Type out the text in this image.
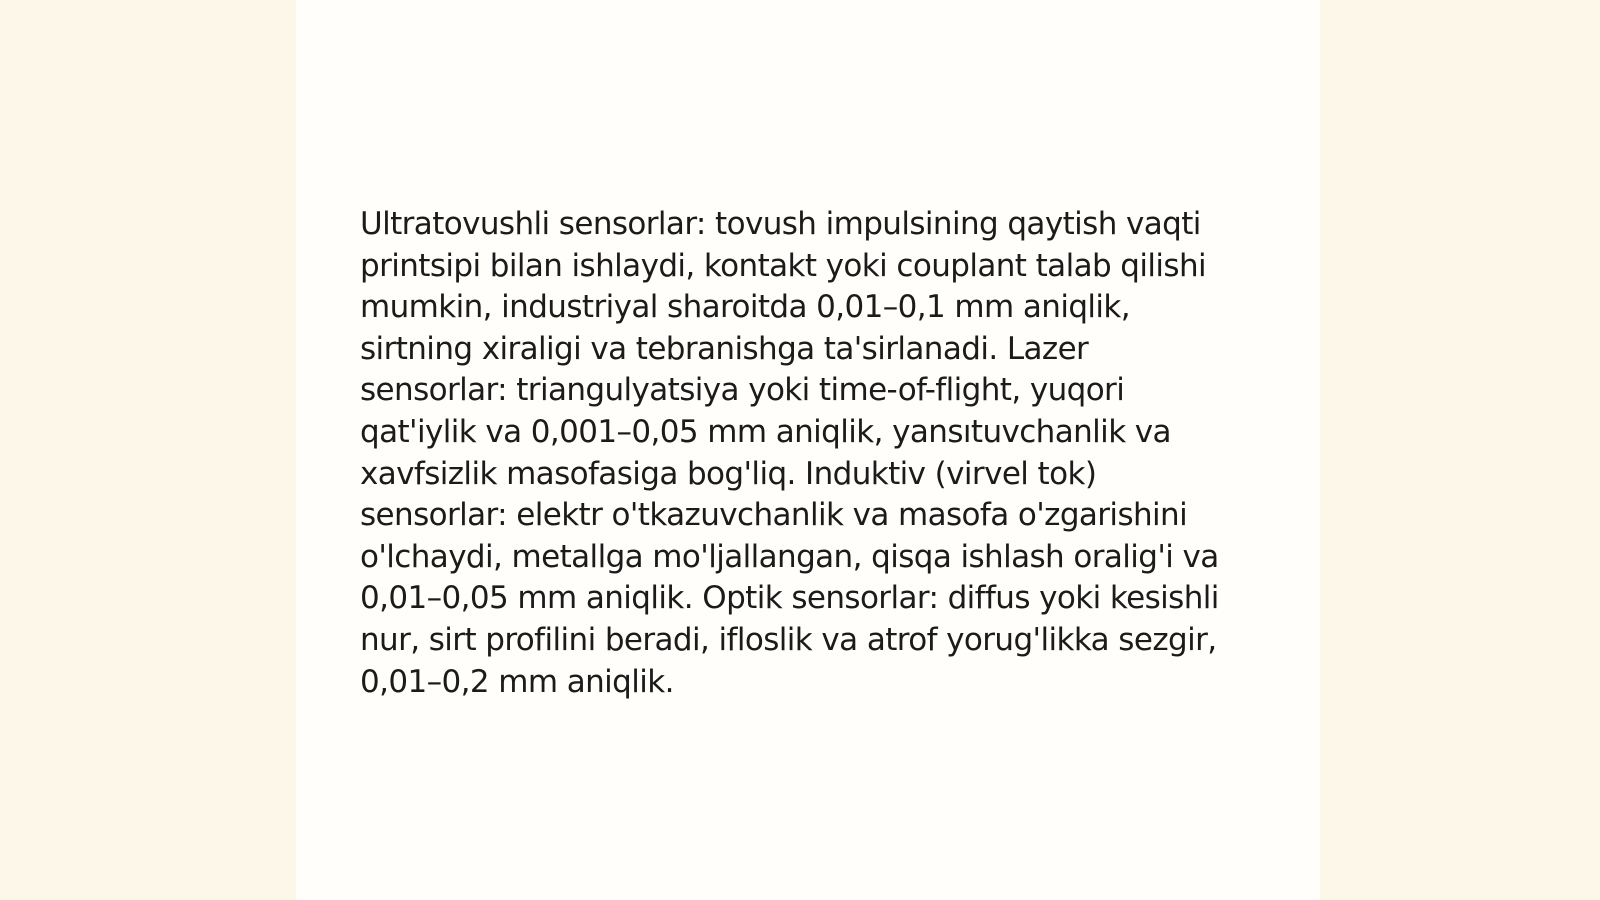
Ultratovushli sensorlar: tovush impulsining qaytish vaqti printsipi bilan ishlaydi, kontakt yoki couplant talab qilishi mumkin, industriyal sharoitda 0,01–0,1 mm aniqlik, sirtning xiraligi va tebranishga ta'sirlanadi. Lazer sensorlar: triangulyatsiya yoki time-of-flight, yuqori qat'iylik va 0,001–0,05 mm aniqlik, yansıtuvchanlik va xavfsizlik masofasiga bog'liq. Induktiv (virvel tok) sensorlar: elektr o'tkazuvchanlik va masofa o'zgarishini o'lchaydi, metallga mo'ljallangan, qisqa ishlash oralig'i va 0,01–0,05 mm aniqlik. Optik sensorlar: diffus yoki kesishli nur, sirt profilini beradi, ifloslik va atrof yorug'likka sezgir, 0,01–0,2 mm aniqlik.
